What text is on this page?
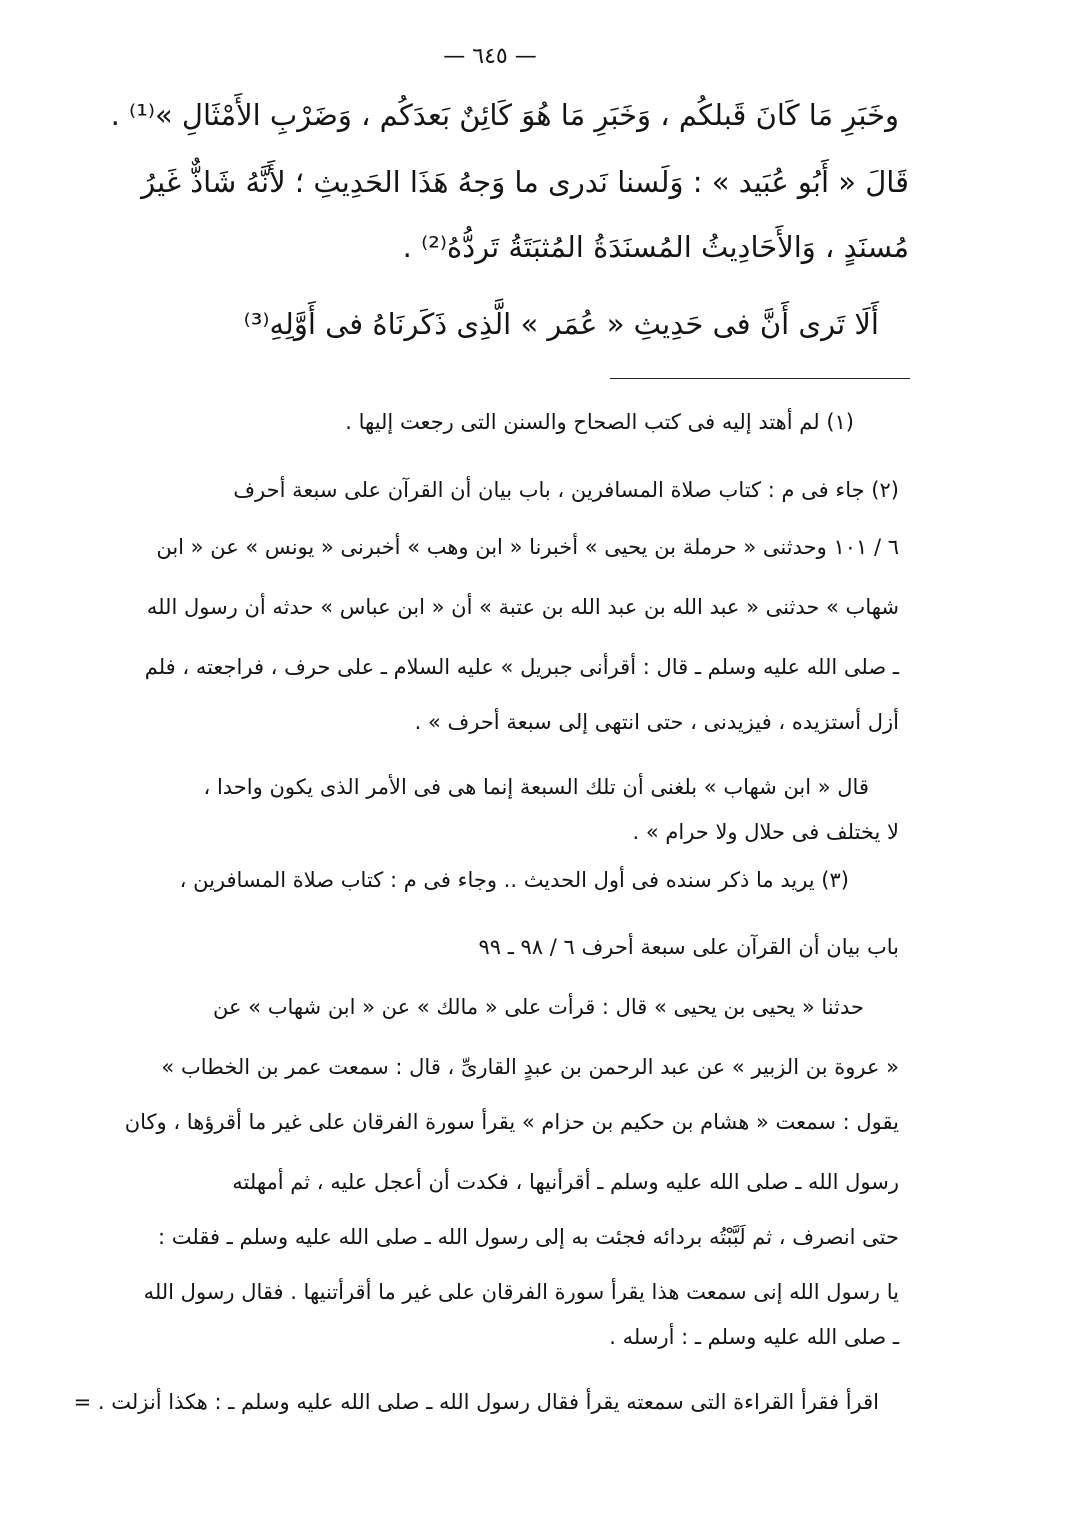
— ٦٤٥ —
وخَبَرِ مَا كَانَ قَبلكُم ، وَخَبَرِ مَا هُوَ كَائِنٌ بَعدَكُم ، وَضَرْبِ الأَمْثَالِ »⁽¹⁾ .
قَالَ « أَبُو عُبَيد » : وَلَسنا نَدرى ما وَجهُ هَذَا الحَدِيثِ ؛ لأَنَّهُ شَاذٌّ غَيرُ
مُسنَدٍ ، وَالأَحَادِيثُ المُسنَدَةُ المُثبَتَةُ تَردُّهُ⁽²⁾ .
أَلَا تَرى أَنَّ فى حَدِيثِ « عُمَر » الَّذِى ذَكَرنَاهُ فى أَوَّلِهِ⁽³⁾
(١) لم أهتد إليه فى كتب الصحاح والسنن التى رجعت إليها .
(٢) جاء فى م : كتاب صلاة المسافرين ، باب بيان أن القرآن على سبعة أحرف
٦ / ١٠١ وحدثنى « حرملة بن يحيى » أخبرنا « ابن وهب » أخبرنى « يونس » عن « ابن
شهاب » حدثنى « عبد الله بن عبد الله بن عتبة » أن « ابن عباس » حدثه أن رسول الله
ـ صلى الله عليه وسلم ـ قال : أقرأنى جبريل » عليه السلام ـ على حرف ، فراجعته ، فلم
أزل أستزيده ، فيزيدنى ، حتى انتهى إلى سبعة أحرف » .
قال « ابن شهاب » بلغنى أن تلك السبعة إنما هى فى الأمر الذى يكون واحدا ،
لا يختلف فى حلال ولا حرام » .
(٣) يريد ما ذكر سنده فى أول الحديث .. وجاء فى م : كتاب صلاة المسافرين ،
باب بيان أن القرآن على سبعة أحرف ٦ / ٩٨ ـ ٩٩
حدثنا « يحيى بن يحيى » قال : قرأت على « مالك » عن « ابن شهاب » عن
« عروة بن الزبير » عن عبد الرحمن بن عبدٍ القارىِّ ، قال : سمعت عمر بن الخطاب »
يقول : سمعت « هشام بن حكيم بن حزام » يقرأ سورة الفرقان على غير ما أقرؤها ، وكان
رسول الله ـ صلى الله عليه وسلم ـ أقرأنيها ، فكدت أن أعجل عليه ، ثم أمهلته
حتى انصرف ، ثم لَبَّبْتُه بردائه فجئت به إلى رسول الله ـ صلى الله عليه وسلم ـ فقلت :
يا رسول الله إنى سمعت هذا يقرأ سورة الفرقان على غير ما أقرأتنيها . فقال رسول الله
ـ صلى الله عليه وسلم ـ : أرسله .
اقرأ فقرأ القراءة التى سمعته يقرأ فقال رسول الله ـ صلى الله عليه وسلم ـ : هكذا أنزلت . =
